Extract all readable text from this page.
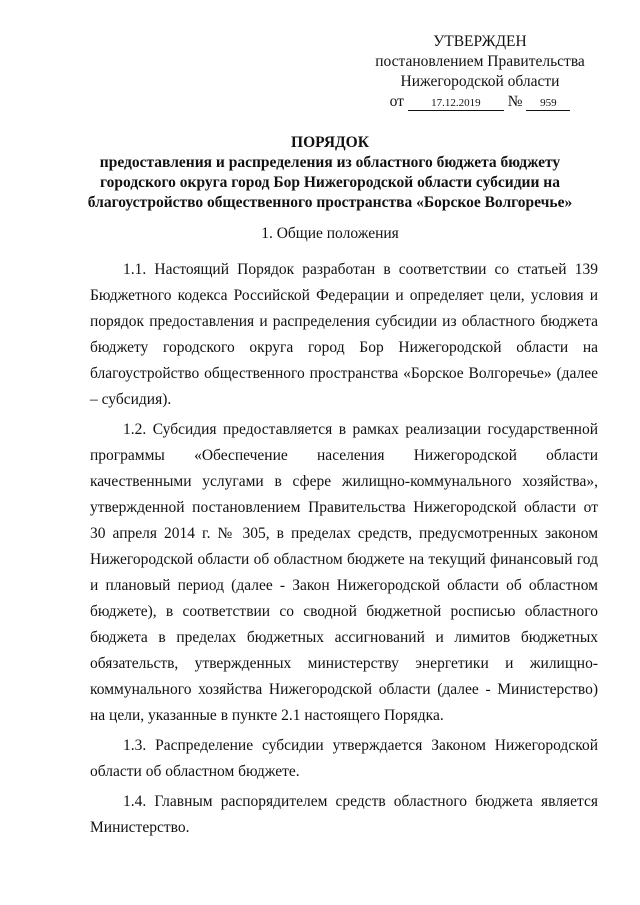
УТВЕРЖДЕН
постановлением Правительства
Нижегородской области
от 17.12.2019 № 959
ПОРЯДОК
предоставления и распределения из областного бюджета бюджету городского округа город Бор Нижегородской области субсидии на благоустройство общественного пространства «Борское Волгоречье»
1. Общие положения

1.1. Настоящий Порядок разработан в соответствии со статьей 139 Бюджетного кодекса Российской Федерации и определяет цели, условия и порядок предоставления и распределения субсидии из областного бюджета бюджету городского округа город Бор Нижегородской области на благоустройство общественного пространства «Борское Волгоречье» (далее – субсидия).

1.2. Субсидия предоставляется в рамках реализации государственной программы «Обеспечение населения Нижегородской области качественными услугами в сфере жилищно-коммунального хозяйства», утвержденной постановлением Правительства Нижегородской области от 30 апреля 2014 г. № 305, в пределах средств, предусмотренных законом Нижегородской области об областном бюджете на текущий финансовый год и плановый период (далее - Закон Нижегородской области об областном бюджете), в соответствии со сводной бюджетной росписью областного бюджета в пределах бюджетных ассигнований и лимитов бюджетных обязательств, утвержденных министерству энергетики и жилищно-коммунального хозяйства Нижегородской области (далее - Министерство) на цели, указанные в пункте 2.1 настоящего Порядка.

1.3. Распределение субсидии утверждается Законом Нижегородской области об областном бюджете.

1.4. Главным распорядителем средств областного бюджета является Министерство.
